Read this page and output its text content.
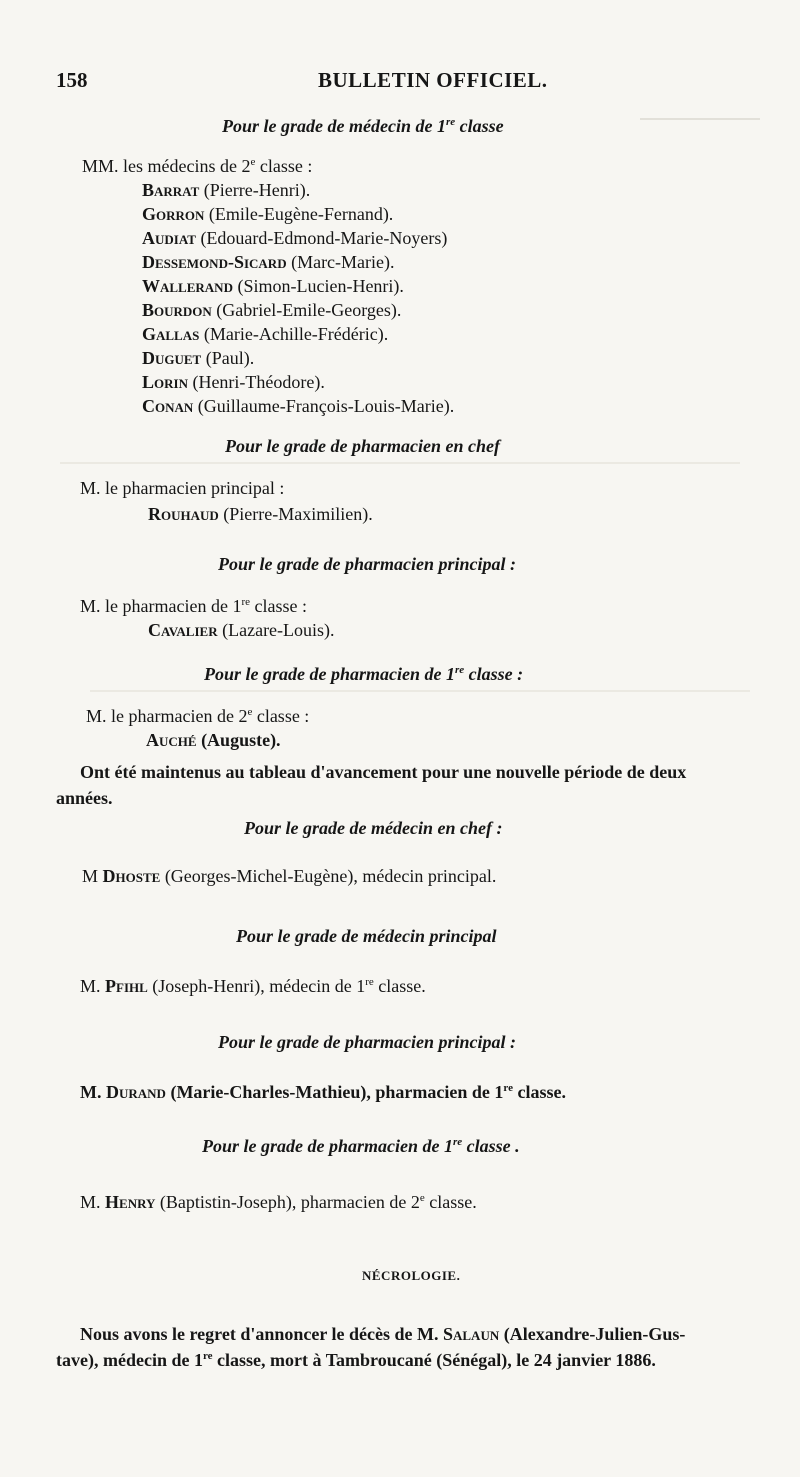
158	BULLETIN OFFICIEL.
Pour le grade de médecin de 1re classe
MM. les médecins de 2e classe :
Barrat (Pierre-Henri).
Gorron (Emile-Eugène-Fernand).
Audiat (Edouard-Edmond-Marie-Noyers)
Dessemond-Sicard (Marc-Marie).
Wallerand (Simon-Lucien-Henri).
Bourdon (Gabriel-Emile-Georges).
Gallas (Marie-Achille-Frédéric).
Duguet (Paul).
Lorin (Henri-Théodore).
Conan (Guillaume-François-Louis-Marie).
Pour le grade de pharmacien en chef
M. le pharmacien principal :
Rouhaud (Pierre-Maximilien).
Pour le grade de pharmacien principal :
M. le pharmacien de 1re classe :
Cavalier (Lazare-Louis).
Pour le grade de pharmacien de 1re classe :
M. le pharmacien de 2e classe :
Auché (Auguste).
Ont été maintenus au tableau d'avancement pour une nouvelle période de deux
années.
Pour le grade de médecin en chef :
M Dhoste (Georges-Michel-Eugène), médecin principal.
Pour le grade de médecin principal
M. Pfihl (Joseph-Henri), médecin de 1re classe.
Pour le grade de pharmacien principal :
M. Durand (Marie-Charles-Mathieu), pharmacien de 1re classe.
Pour le grade de pharmacien de 1re classe .
M. Henry (Baptistin-Joseph), pharmacien de 2e classe.
NÉCROLOGIE.
Nous avons le regret d'annoncer le décès de M. Salaun (Alexandre-Julien-Gus-
tave), médecin de 1re classe, mort à Tambroucané (Sénégal), le 24 janvier 1886.
